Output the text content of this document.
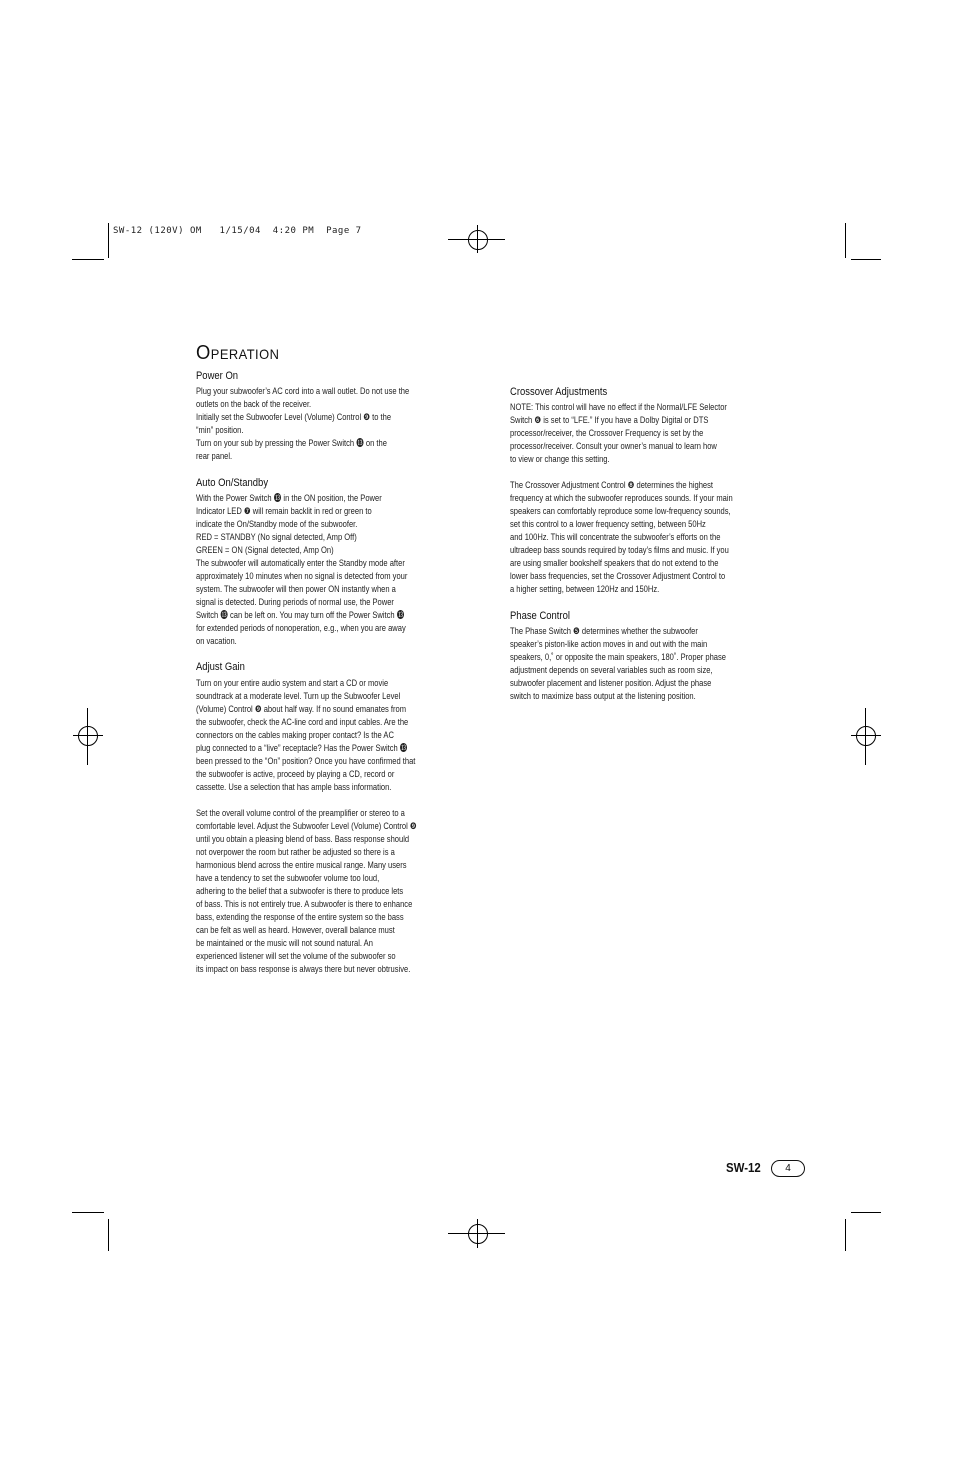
SW-12 (120V) OM   1/15/04  4:20 PM  Page 7
Operation
Power On
Plug your subwoofer’s AC cord into a wall outlet. Do not use the
outlets on the back of the receiver.
Initially set the Subwoofer Level (Volume) Control ❾ to the
“min” position.
Turn on your sub by pressing the Power Switch ⓭ on the
rear panel.
Auto On/Standby
With the Power Switch ⓭ in the ON position, the Power
Indicator LED ❼ will remain backlit in red or green to
indicate the On/Standby mode of the subwoofer.
RED = STANDBY (No signal detected, Amp Off)
GREEN = ON (Signal detected, Amp On)
The subwoofer will automatically enter the Standby mode after
approximately 10 minutes when no signal is detected from your
system. The subwoofer will then power ON instantly when a
signal is detected. During periods of normal use, the Power
Switch ⓭ can be left on. You may turn off the Power Switch ⓭
for extended periods of nonoperation, e.g., when you are away
on vacation.
Adjust Gain
Turn on your entire audio system and start a CD or movie
soundtrack at a moderate level. Turn up the Subwoofer Level
(Volume) Control ❾ about half way. If no sound emanates from
the subwoofer, check the AC-line cord and input cables. Are the
connectors on the cables making proper contact? Is the AC
plug connected to a “live” receptacle? Has the Power Switch ⓭
been pressed to the “On” position? Once you have confirmed that
the subwoofer is active, proceed by playing a CD, record or
cassette. Use a selection that has ample bass information.
Set the overall volume control of the preamplifier or stereo to a
comfortable level. Adjust the Subwoofer Level (Volume) Control ❾
until you obtain a pleasing blend of bass. Bass response should
not overpower the room but rather be adjusted so there is a
harmonious blend across the entire musical range. Many users
have a tendency to set the subwoofer volume too loud,
adhering to the belief that a subwoofer is there to produce lets
of bass. This is not entirely true. A subwoofer is there to enhance
bass, extending the response of the entire system so the bass
can be felt as well as heard. However, overall balance must
be maintained or the music will not sound natural. An
experienced listener will set the volume of the subwoofer so
its impact on bass response is always there but never obtrusive.
Crossover Adjustments
NOTE: This control will have no effect if the Normal/LFE Selector
Switch ❻ is set to “LFE.” If you have a Dolby Digital or DTS
processor/receiver, the Crossover Frequency is set by the
processor/receiver. Consult your owner’s manual to learn how
to view or change this setting.
The Crossover Adjustment Control ❽ determines the highest
frequency at which the subwoofer reproduces sounds. If your main
speakers can comfortably reproduce some low-frequency sounds,
set this control to a lower frequency setting, between 50Hz
and 100Hz. This will concentrate the subwoofer’s efforts on the
ultradeep bass sounds required by today’s films and music. If you
are using smaller bookshelf speakers that do not extend to the
lower bass frequencies, set the Crossover Adjustment Control to
a higher setting, between 120Hz and 150Hz.
Phase Control
The Phase Switch ❺ determines whether the subwoofer
speaker’s piston-like action moves in and out with the main
speakers, 0,˚ or opposite the main speakers, 180˚. Proper phase
adjustment depends on several variables such as room size,
subwoofer placement and listener position. Adjust the phase
switch to maximize bass output at the listening position.
SW-12	4
